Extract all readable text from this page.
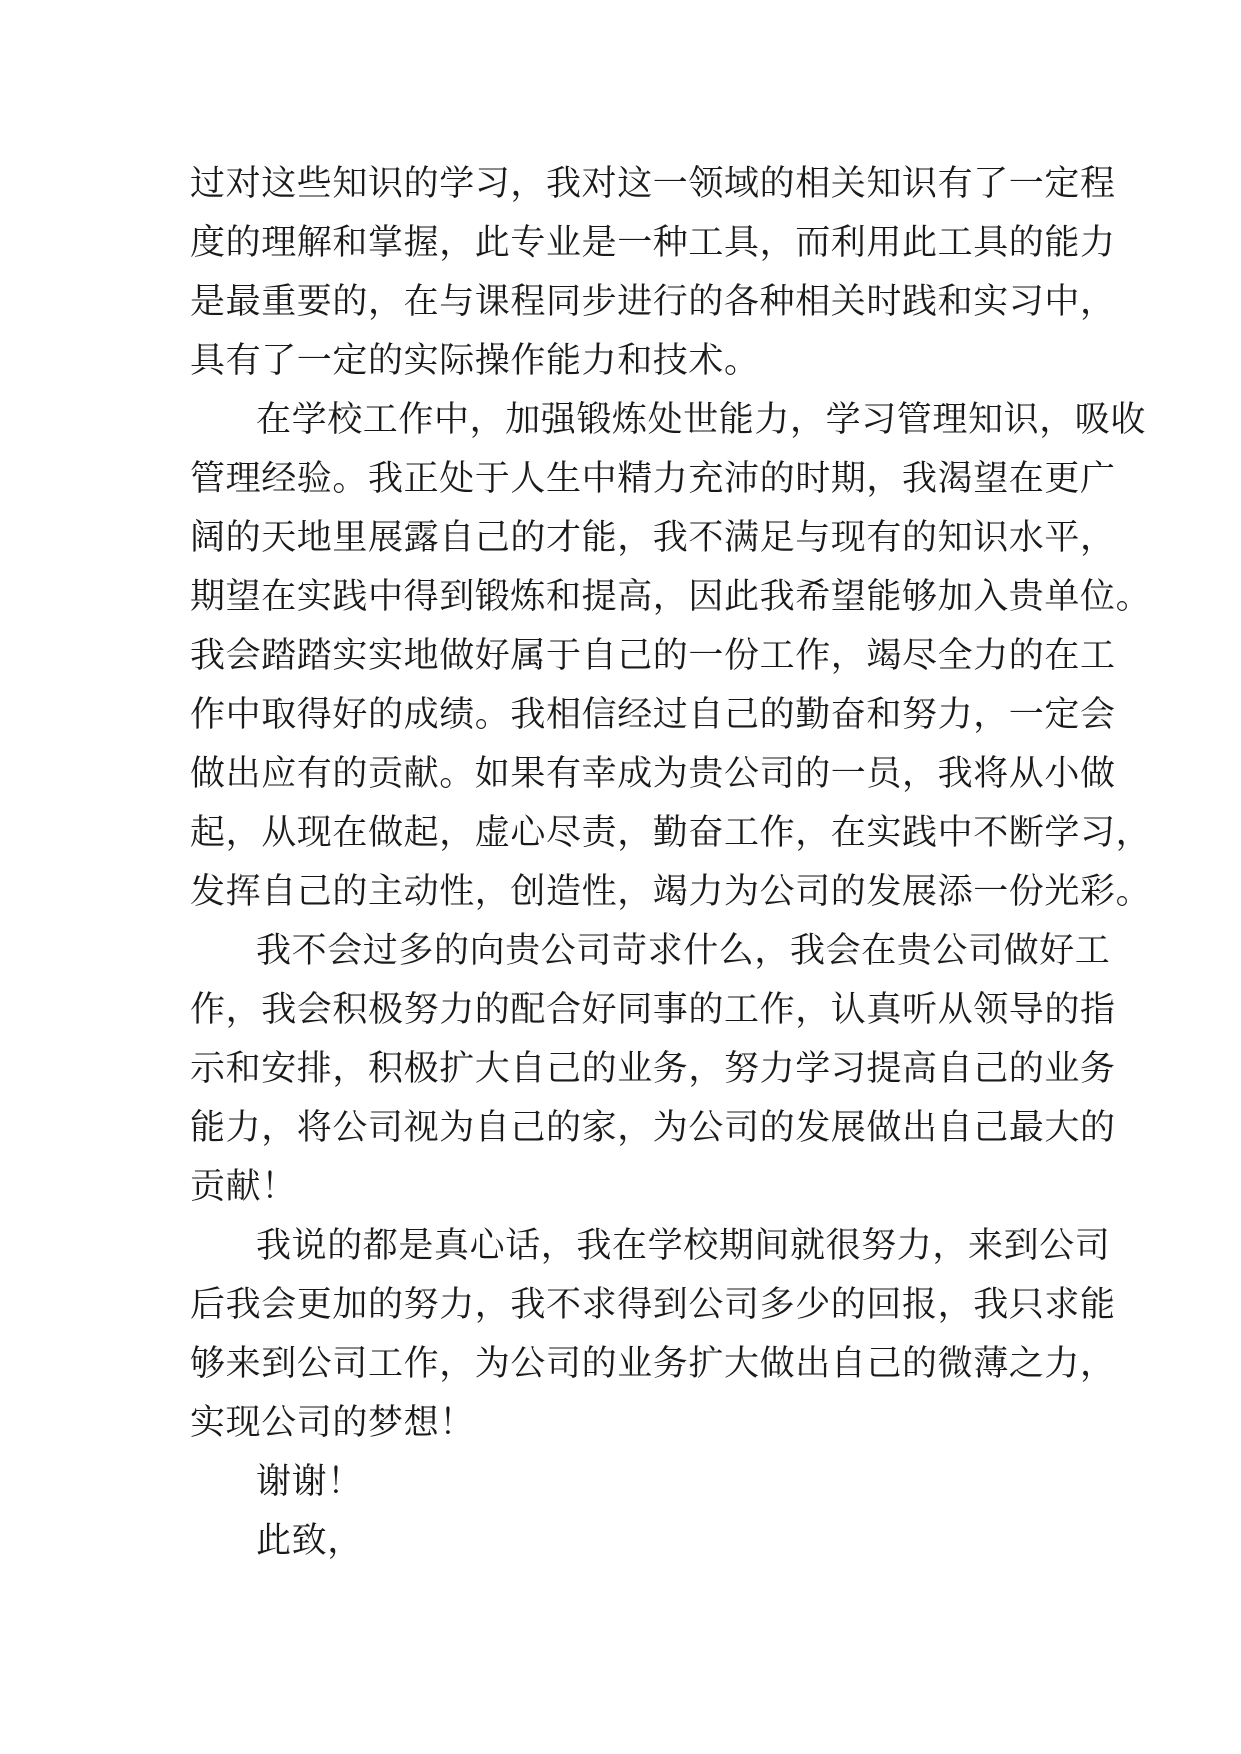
过对这些知识的学习，我对这一领域的相关知识有了一定程
度的理解和掌握，此专业是一种工具，而利用此工具的能力
是最重要的，在与课程同步进行的各种相关时践和实习中，
具有了一定的实际操作能力和技术。
在学校工作中，加强锻炼处世能力，学习管理知识，吸收
管理经验。我正处于人生中精力充沛的时期，我渴望在更广
阔的天地里展露自己的才能，我不满足与现有的知识水平，
期望在实践中得到锻炼和提高，因此我希望能够加入贵单位。
我会踏踏实实地做好属于自己的一份工作，竭尽全力的在工
作中取得好的成绩。我相信经过自己的勤奋和努力，一定会
做出应有的贡献。如果有幸成为贵公司的一员，我将从小做
起，从现在做起，虚心尽责，勤奋工作，在实践中不断学习，
发挥自己的主动性，创造性，竭力为公司的发展添一份光彩。
我不会过多的向贵公司苛求什么，我会在贵公司做好工
作，我会积极努力的配合好同事的工作，认真听从领导的指
示和安排，积极扩大自己的业务，努力学习提高自己的业务
能力，将公司视为自己的家，为公司的发展做出自己最大的
贡献！
我说的都是真心话，我在学校期间就很努力，来到公司
后我会更加的努力，我不求得到公司多少的回报，我只求能
够来到公司工作，为公司的业务扩大做出自己的微薄之力，
实现公司的梦想！
谢谢！
此致，
